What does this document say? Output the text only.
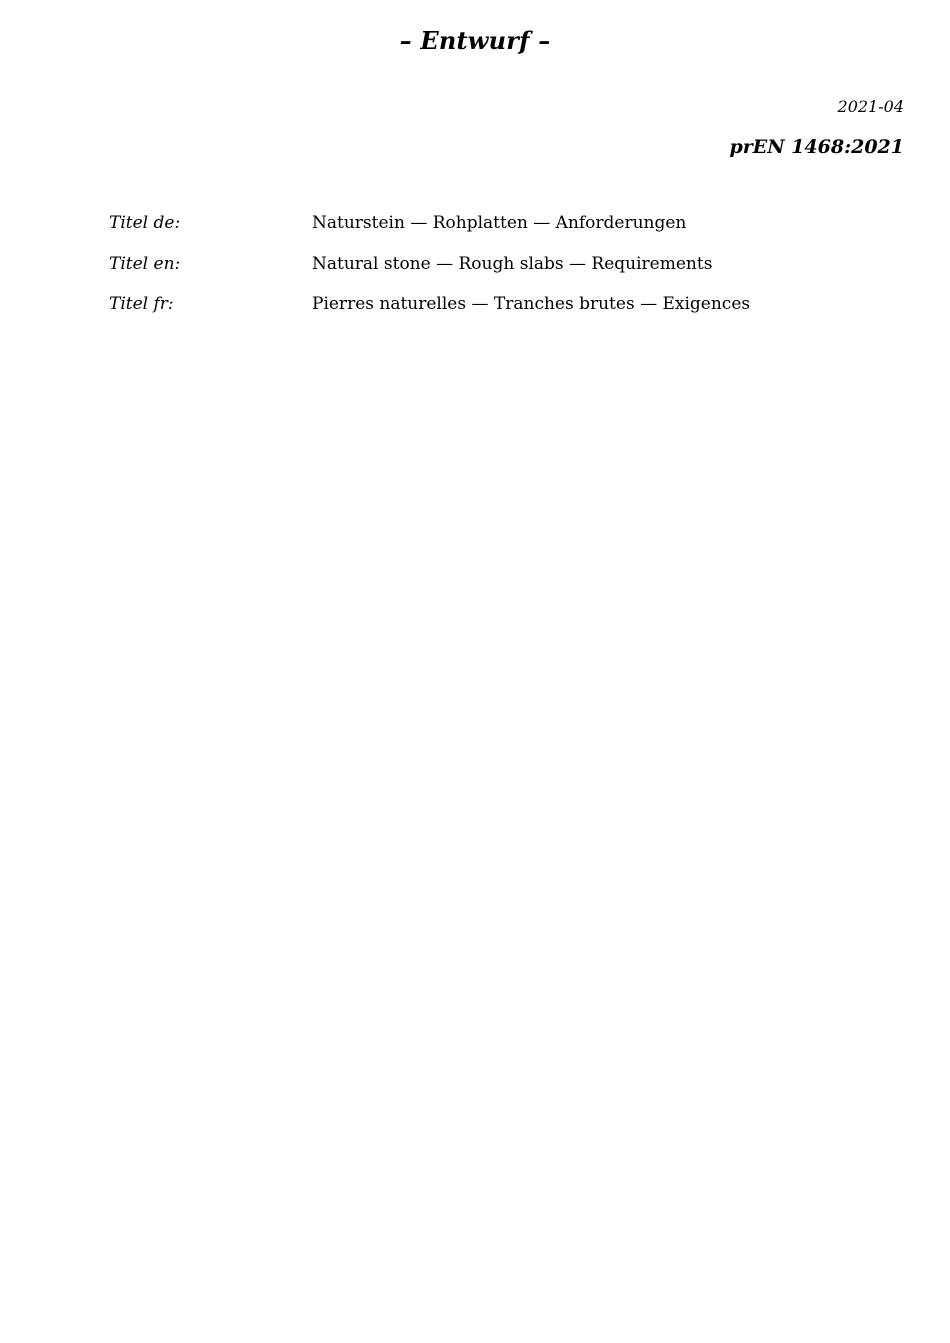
– Entwurf –
2021-04
prEN 1468:2021
Titel de:	Naturstein — Rohplatten — Anforderungen
Titel en:	Natural stone — Rough slabs — Requirements
Titel fr:	Pierres naturelles — Tranches brutes — Exigences
